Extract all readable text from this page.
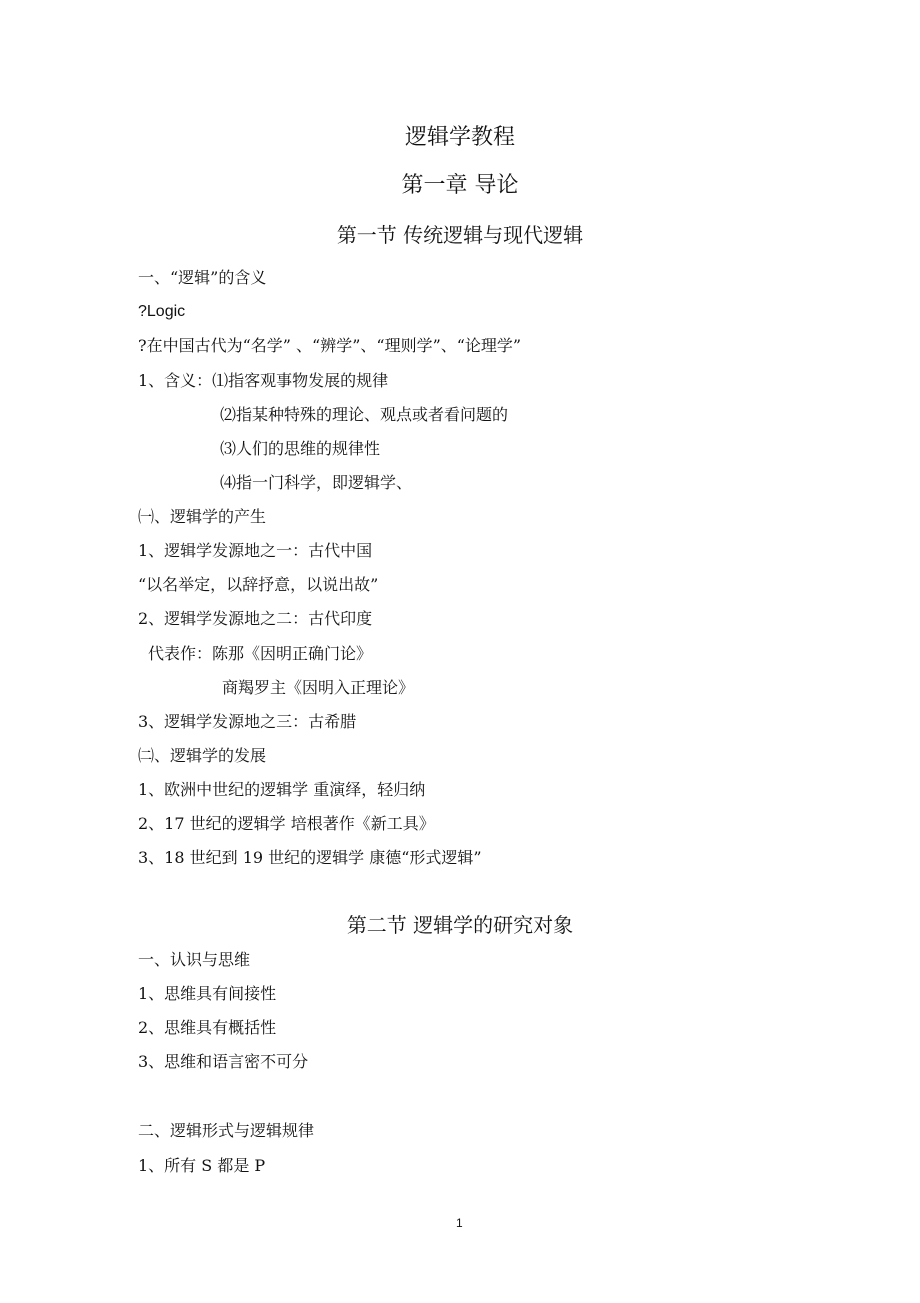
逻辑学教程
第一章 导论
第一节 传统逻辑与现代逻辑
一、“逻辑”的含义
?Logic
?在中国古代为“名学” 、“辨学”、“理则学”、“论理学”
1、含义：⑴指客观事物发展的规律
⑵指某种特殊的理论、观点或者看问题的
⑶人们的思维的规律性
⑷指一门科学，即逻辑学、
㈠、逻辑学的产生
1、逻辑学发源地之一：古代中国
“以名举定，以辞抒意，以说出故”
2、逻辑学发源地之二：古代印度
代表作：陈那《因明正确门论》
商羯罗主《因明入正理论》
3、逻辑学发源地之三：古希腊
㈡、逻辑学的发展
1、欧洲中世纪的逻辑学 重演绎，轻归纳
2、17 世纪的逻辑学 培根著作《新工具》
3、18 世纪到 19 世纪的逻辑学 康德“形式逻辑”
第二节 逻辑学的研究对象
一、认识与思维
1、思维具有间接性
2、思维具有概括性
3、思维和语言密不可分
二、逻辑形式与逻辑规律
1、所有 S 都是 P
1
